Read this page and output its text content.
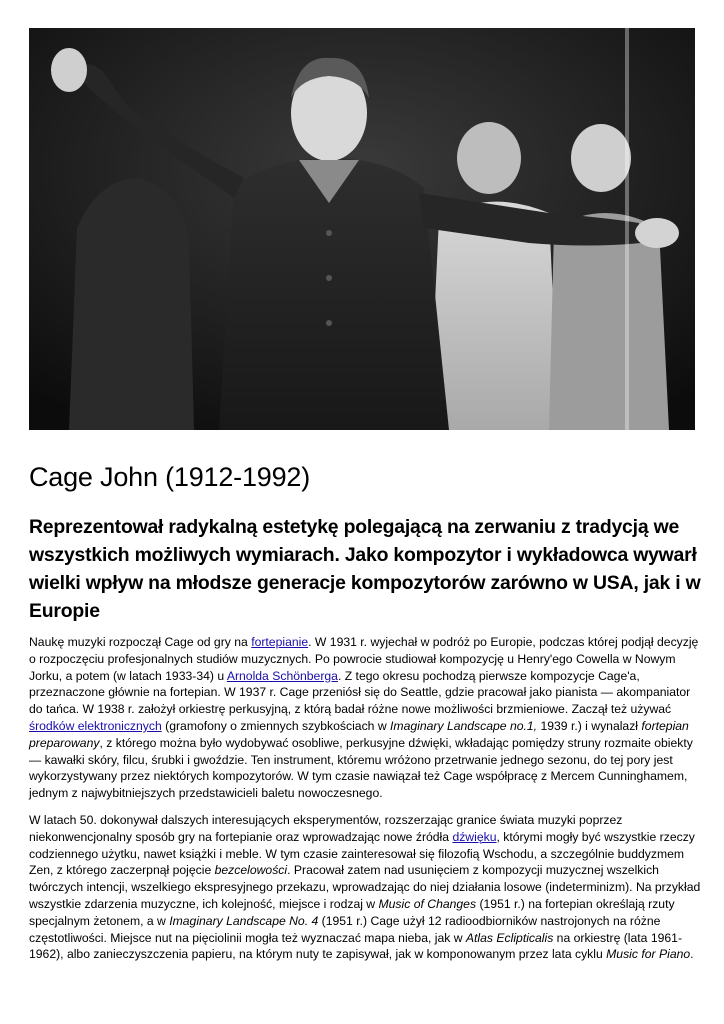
Cage John (1912-1992)
Reprezentował radykalną estetykę polegającą na zerwaniu z tradycją we wszystkich możliwych wymiarach. Jako kompozytor i wykładowca wywarł wielki wpływ na młodsze generacje kompozytorów zarówno w USA, jak i w Europie

Naukę muzyki rozpoczął Cage od gry na fortepianie. W 1931 r. wyjechał w podróż po Europie, podczas której podjął decyzję o rozpoczęciu profesjonalnych studiów muzycznych. Po powrocie studiował kompozycję u Henry'ego Cowella w Nowym Jorku, a potem (w latach 1933-34) u Arnolda Schönberga. Z tego okresu pochodzą pierwsze kompozycje Cage'a, przeznaczone głównie na fortepian. W 1937 r. Cage przeniósł się do Seattle, gdzie pracował jako pianista — akompaniator do tańca. W 1938 r. założył orkiestrę perkusyjną, z którą badał różne nowe możliwości brzmieniowe. Zaczął też używać środków elektronicznych (gramofony o zmiennych szybkościach w Imaginary Landscape no.1, 1939 r.) i wynalazł fortepian preparowany, z którego można było wydobywać osobliwe, perkusyjne dźwięki, wkładając pomiędzy struny rozmaite obiekty — kawałki skóry, filcu, śrubki i gwoździe. Ten instrument, któremu wróżono przetrwanie jednego sezonu, do tej pory jest wykorzystywany przez niektórych kompozytorów. W tym czasie nawiązał też Cage współpracę z Mercem Cunninghamem, jednym z najwybitniejszych przedstawicieli baletu nowoczesnego.

W latach 50. dokonywał dalszych interesujących eksperymentów, rozszerzając granice świata muzyki poprzez niekonwencjonalny sposób gry na fortepianie oraz wprowadzając nowe źródła dźwięku, którymi mogły być wszystkie rzeczy codziennego użytku, nawet książki i meble. W tym czasie zainteresował się filozofią Wschodu, a szczególnie buddyzmem Zen, z którego zaczerpnął pojęcie bezcelowości. Pracował zatem nad usunięciem z kompozycji muzycznej wszelkich twórczych intencji, wszelkiego ekspresyjnego przekazu, wprowadzając do niej działania losowe (indeterminizm). Na przykład wszystkie zdarzenia muzyczne, ich kolejność, miejsce i rodzaj w Music of Changes (1951 r.) na fortepian określają rzuty specjalnym żetonem, a w Imaginary Landscape No. 4 (1951 r.) Cage użył 12 radioodbiorników nastrojonych na różne częstotliwości. Miejsce nut na pięciolinii mogła też wyznaczać mapa nieba, jak w Atlas Eclipticalis na orkiestrę (lata 1961-1962), albo zanieczyszczenia papieru, na którym nuty te zapisywał, jak w komponowanym przez lata cyklu Music for Piano.
